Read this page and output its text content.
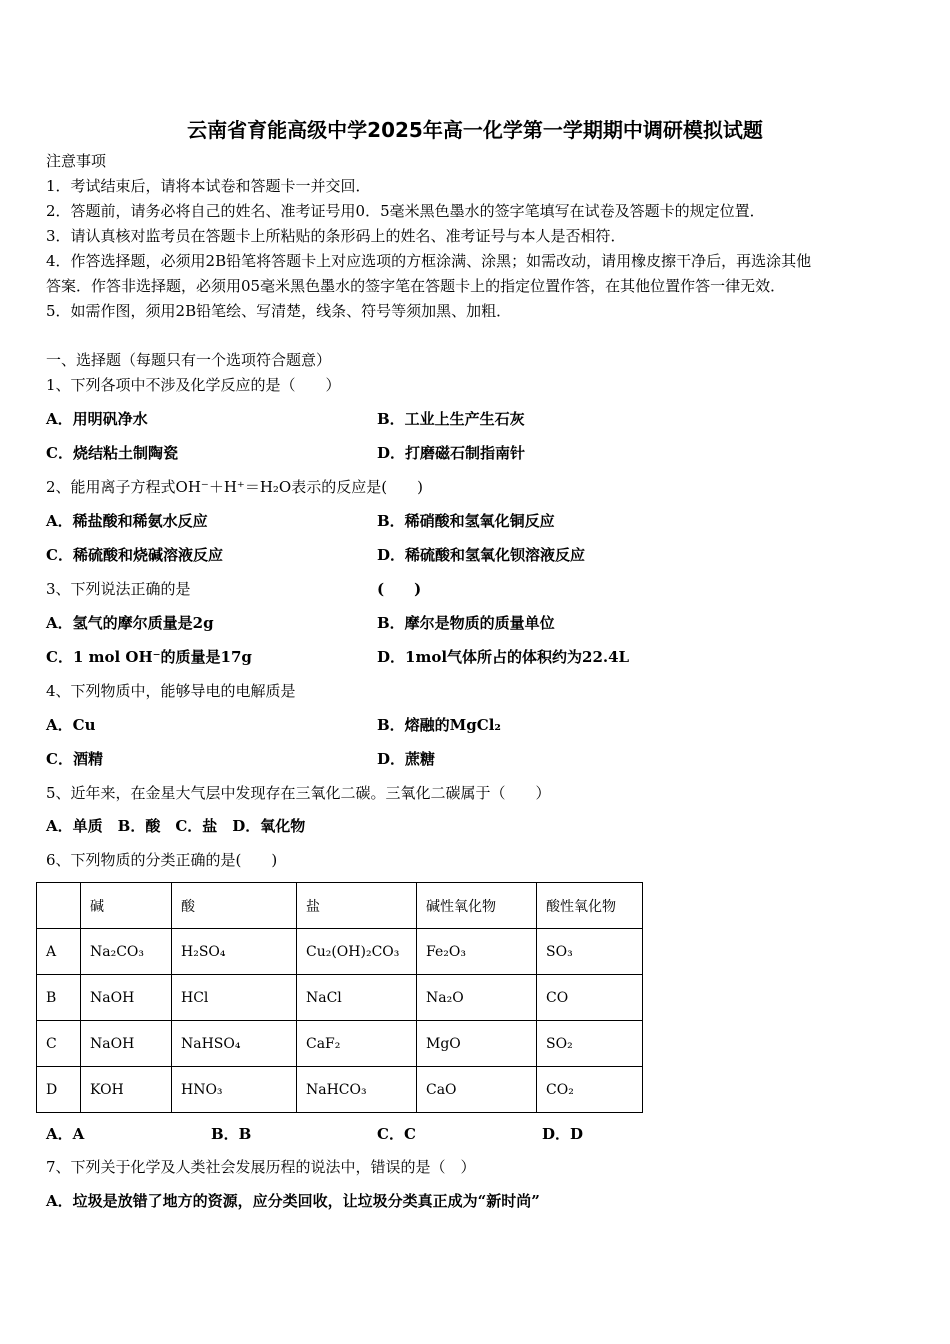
云南省育能高级中学2025年高一化学第一学期期中调研模拟试题
注意事项
1．考试结束后，请将本试卷和答题卡一并交回．
2．答题前，请务必将自己的姓名、准考证号用0．5毫米黑色墨水的签字笔填写在试卷及答题卡的规定位置．
3．请认真核对监考员在答题卡上所粘贴的条形码上的姓名、准考证号与本人是否相符．
4．作答选择题，必须用2B铅笔将答题卡上对应选项的方框涂满、涂黑；如需改动，请用橡皮擦干净后，再选涂其他
答案．作答非选择题，必须用05毫米黑色墨水的签字笔在答题卡上的指定位置作答，在其他位置作答一律无效．
5．如需作图，须用2B铅笔绘、写清楚，线条、符号等须加黑、加粗．
一、选择题（每题只有一个选项符合题意）
1、下列各项中不涉及化学反应的是（　　）
A．用明矾净水	B．工业上生产生石灰
C．烧结粘土制陶瓷	D．打磨磁石制指南针
2、能用离子方程式OH⁻＋H⁺＝H₂O表示的反应是(　　)
A．稀盐酸和稀氨水反应	B．稀硝酸和氢氧化铜反应
C．稀硫酸和烧碱溶液反应	D．稀硫酸和氢氧化钡溶液反应
3、下列说法正确的是	(　　)
A．氢气的摩尔质量是2g	B．摩尔是物质的质量单位
C．1 mol OH⁻的质量是17g	D．1mol气体所占的体积约为22.4L
4、下列物质中，能够导电的电解质是
A．Cu	B．熔融的MgCl₂
C．酒精	D．蔗糖
5、近年来，在金星大气层中发现存在三氧化二碳。三氧化二碳属于（　　）
A．单质　B．酸　C．盐　D．氧化物
6、下列物质的分类正确的是(　　)
	碱	酸	盐	碱性氧化物	酸性氧化物
A	Na₂CO₃	H₂SO₄	Cu₂(OH)₂CO₃	Fe₂O₃	SO₃
B	NaOH	HCl	NaCl	Na₂O	CO
C	NaOH	NaHSO₄	CaF₂	MgO	SO₂
D	KOH	HNO₃	NaHCO₃	CaO	CO₂
A．A	B．B	C．C	D．D
7、下列关于化学及人类社会发展历程的说法中，错误的是（　）
A．垃圾是放错了地方的资源，应分类回收，让垃圾分类真正成为“新时尚”
